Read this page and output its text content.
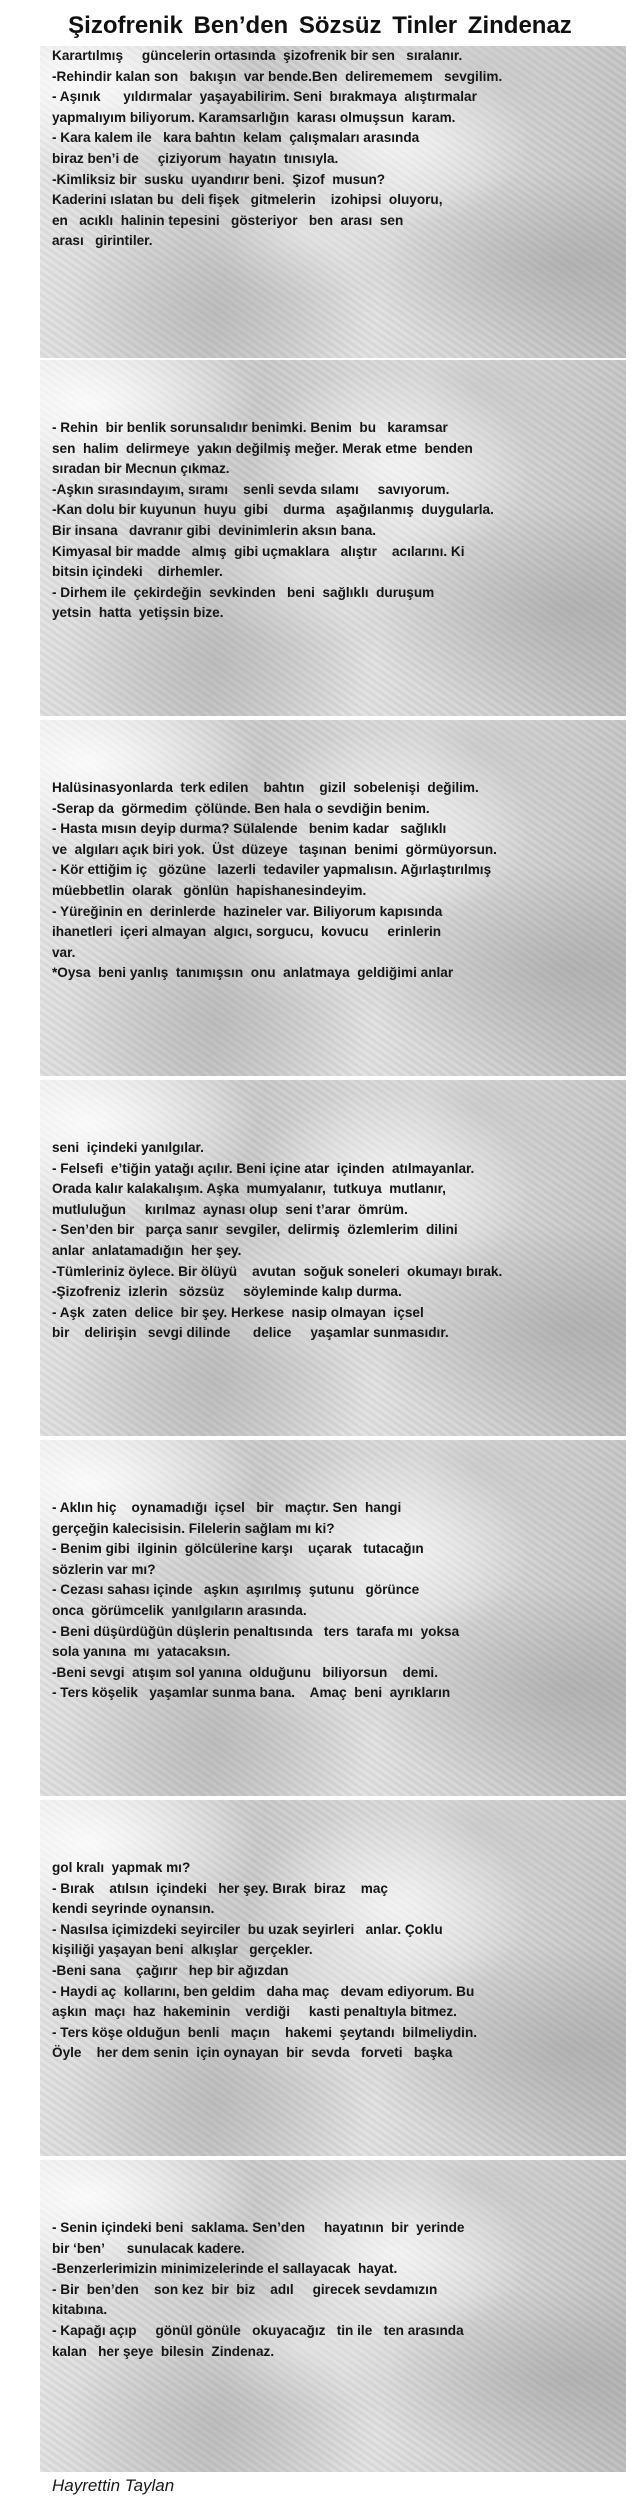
Şizofrenik Ben’den Sözsüz Tinler Zindenaz
Karartılmış     güncelerin ortasında  şizofrenik bir sen   sıralanır.
-Rehindir kalan son   bakışın  var bende.Ben  delirememem   sevgilim.
- Aşınık      yıldırmalar  yaşayabilirim. Seni  bırakmaya  alıştırmalar
yapmalıyım biliyorum. Karamsarlığın  karası olmuşsun  karam.
- Kara kalem ile   kara bahtın  kelam  çalışmaları arasında
biraz ben’i de     çiziyorum  hayatın  tınısıyla.
-Kimliksiz bir  susku  uyandırır beni.  Şizof  musun?
Kaderini ıslatan bu  deli fişek   gitmelerin    izohipsi  oluyoru,
en   acıklı  halinin tepesini   gösteriyor   ben  arası  sen
arası   girintiler.
- Rehin  bir benlik sorunsalıdır benimki. Benim  bu   karamsar
sen  halim  delirmeye  yakın değilmiş meğer. Merak etme  benden
sıradan bir Mecnun çıkmaz.
-Aşkın sırasındayım, sıramı    senli sevda sılamı     savıyorum.
-Kan dolu bir kuyunun  huyu  gibi    durma   aşağılanmış  duygularla.
Bir insana   davranır gibi  devinimlerin aksın bana.
Kimyasal bir madde   almış  gibi uçmaklara   alıştır    acılarını. Ki
bitsin içindeki    dirhemler.
- Dirhem ile  çekirdeğin  sevkinden   beni  sağlıklı  duruşum
yetsin  hatta  yetişsin bize.
Halüsinasyonlarda  terk edilen    bahtın    gizil  sobelenişi  değilim.
-Serap da  görmedim  çölünde. Ben hala o sevdiğin benim.
- Hasta mısın deyip durma? Sülalende   benim kadar   sağlıklı
ve  algıları açık biri yok.  Üst  düzeye   taşınan  benimi  görmüyorsun.
- Kör ettiğim iç   gözüne   lazerli  tedaviler yapmalısın. Ağırlaştırılmış
müebbetlin  olarak   gönlün  hapishanesindeyim.
- Yüreğinin en  derinlerde  hazineler var. Biliyorum kapısında
ihanetleri  içeri almayan  algıcı, sorgucu,  kovucu     erinlerin
var.
*Oysa  beni yanlış  tanımışsın  onu  anlatmaya  geldiğimi anlar
seni  içindeki yanılgılar.
- Felsefi  e’tiğin yatağı açılır. Beni içine atar  içinden  atılmayanlar.
Orada kalır kalakalışım. Aşka  mumyalanır,  tutkuya  mutlanır,
mutluluğun     kırılmaz  aynası olup  seni t’arar  ömrüm.
- Sen’den bir   parça sanır  sevgiler,  delirmiş  özlemlerim  dilini
anlar  anlatamadığın  her şey.
-Tümleriniz öylece. Bir ölüyü    avutan  soğuk soneleri  okumayı bırak.
-Şizofreniz  izlerin   sözsüz     söyleminde kalıp durma.
- Aşk  zaten  delice  bir şey. Herkese  nasip olmayan  içsel
bir    delirişin   sevgi dilinde      delice     yaşamlar sunmasıdır.
- Aklın hiç    oynamadığı  içsel   bir   maçtır. Sen  hangi
gerçeğin kalecisisin. Filelerin sağlam mı ki?
- Benim gibi  ilginin  gölcülerine karşı    uçarak   tutacağın
sözlerin var mı?
- Cezası sahası içinde   aşkın  aşırılmış  şutunu   görünce
onca  görümcelik  yanılgıların arasında.
- Beni düşürdüğün düşlerin penaltısında   ters  tarafa mı  yoksa
sola yanına  mı  yatacaksın.
-Beni sevgi  atışım sol yanına  olduğunu   biliyorsun    demi.
- Ters köşelik   yaşamlar sunma bana.    Amaç  beni  ayrıkların
gol kralı  yapmak mı?
- Bırak    atılsın  içindeki   her şey. Bırak  biraz    maç
kendi seyrinde oynansın.
- Nasılsa içimizdeki seyirciler  bu uzak seyirleri   anlar. Çoklu
kişiliği yaşayan beni  alkışlar   gerçekler.
-Beni sana    çağırır   hep bir ağızdan
- Haydi aç  kollarını, ben geldim   daha maç   devam ediyorum. Bu
aşkın  maçı  haz  hakeminin    verdiği     kasti penaltıyla bitmez.
- Ters köşe olduğun  benli   maçın    hakemi  şeytandı  bilmeliydin.
Öyle    her dem senin  için oynayan  bir  sevda   forveti   başka
- Senin içindeki beni  saklama. Sen’den     hayatının  bir  yerinde
bir ‘ben’      sunulacak kadere.
-Benzerlerimizin minimizelerinde el sallayacak  hayat.
- Bir  ben’den    son kez  bir  biz    adıl     girecek sevdamızın
kitabına.
- Kapağı açıp     gönül gönüle   okuyacağız   tin ile   ten arasında
kalan   her şeye  bilesin  Zindenaz.
Hayrettin Taylan
